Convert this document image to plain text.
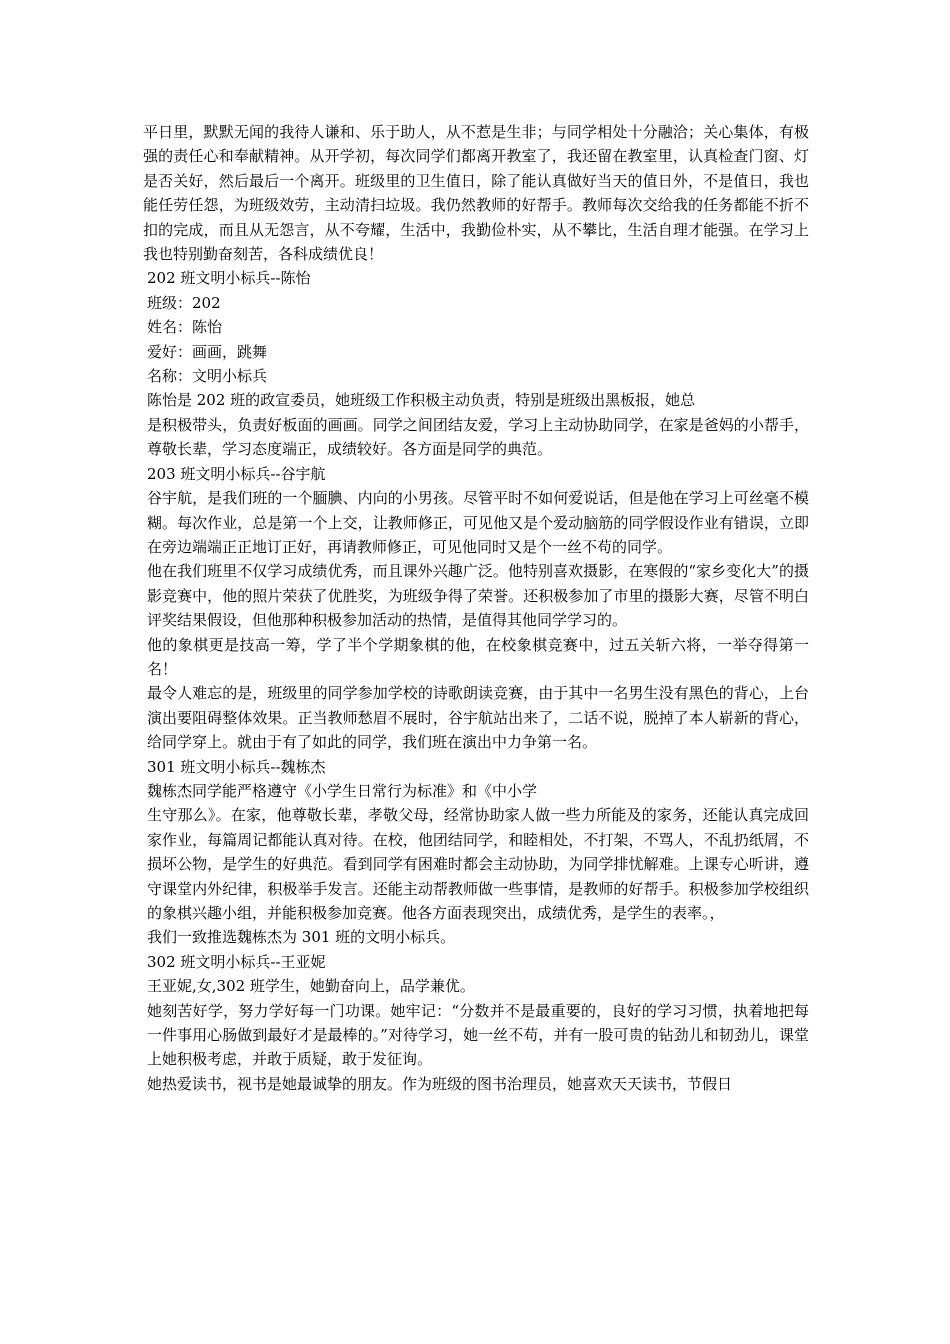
平日里，默默无闻的我待人谦和、乐于助人，从不惹是生非；与同学相处十分融洽；关心集体，有极强的责任心和奉献精神。从开学初，每次同学们都离开教室了，我还留在教室里，认真检查门窗、灯是否关好，然后最后一个离开。班级里的卫生值日，除了能认真做好当天的值日外，不是值日，我也能任劳任怨，为班级效劳，主动清扫垃圾。我仍然教师的好帮手。教师每次交给我的任务都能不折不扣的完成，而且从无怨言，从不夸耀，生活中，我勤俭朴实，从不攀比，生活自理才能强。在学习上我也特别勤奋刻苦，各科成绩优良！

202 班文明小标兵--陈怡

班级：202

姓名：陈怡

爱好：画画，跳舞

名称：文明小标兵

陈怡是 202 班的政宣委员，她班级工作积极主动负责，特别是班级出黑板报，她总

是积极带头，负责好板面的画画。同学之间团结友爱，学习上主动协助同学，在家是爸妈的小帮手，尊敬长辈，学习态度端正，成绩较好。各方面是同学的典范。

203 班文明小标兵--谷宇航

谷宇航，是我们班的一个腼腆、内向的小男孩。尽管平时不如何爱说话，但是他在学习上可丝毫不模糊。每次作业，总是第一个上交，让教师修正，可见他又是个爱动脑筋的同学假设作业有错误，立即在旁边端端正正地订正好，再请教师修正，可见他同时又是个一丝不苟的同学。

他在我们班里不仅学习成绩优秀，而且课外兴趣广泛。他特别喜欢摄影，在寒假的“家乡变化大”的摄影竞赛中，他的照片荣获了优胜奖，为班级争得了荣誉。还积极参加了市里的摄影大赛，尽管不明白评奖结果假设，但他那种积极参加活动的热情，是值得其他同学学习的。

他的象棋更是技高一筹，学了半个学期象棋的他，在校象棋竞赛中，过五关斩六将，一举夺得第一名！

最令人难忘的是，班级里的同学参加学校的诗歌朗读竞赛，由于其中一名男生没有黑色的背心，上台演出要阻碍整体效果。正当教师愁眉不展时，谷宇航站出来了，二话不说，脱掉了本人崭新的背心，给同学穿上。就由于有了如此的同学，我们班在演出中力争第一名。

301 班文明小标兵--魏栋杰

魏栋杰同学能严格遵守《小学生日常行为标准》和《中小学

生守那么》。在家，他尊敬长辈，孝敬父母，经常协助家人做一些力所能及的家务，还能认真完成回家作业，每篇周记都能认真对待。在校，他团结同学，和睦相处，不打架，不骂人，不乱扔纸屑，不损坏公物，是学生的好典范。看到同学有困难时都会主动协助，为同学排忧解难。上课专心听讲，遵守课堂内外纪律，积极举手发言。还能主动帮教师做一些事情，是教师的好帮手。积极参加学校组织的象棋兴趣小组，并能积极参加竞赛。他各方面表现突出，成绩优秀，是学生的表率。，

我们一致推选魏栋杰为 301 班的文明小标兵。

302 班文明小标兵--王亚妮

王亚妮,女,302 班学生，她勤奋向上，品学兼优。

她刻苦好学，努力学好每一门功课。她牢记：“分数并不是最重要的，良好的学习习惯，执着地把每一件事用心肠做到最好才是最棒的。”对待学习，她一丝不苟，并有一股可贵的钻劲儿和韧劲儿，课堂上她积极考虑，并敢于质疑，敢于发征询。

她热爱读书，视书是她最诚挚的朋友。作为班级的图书治理员，她喜欢天天读书，节假日
